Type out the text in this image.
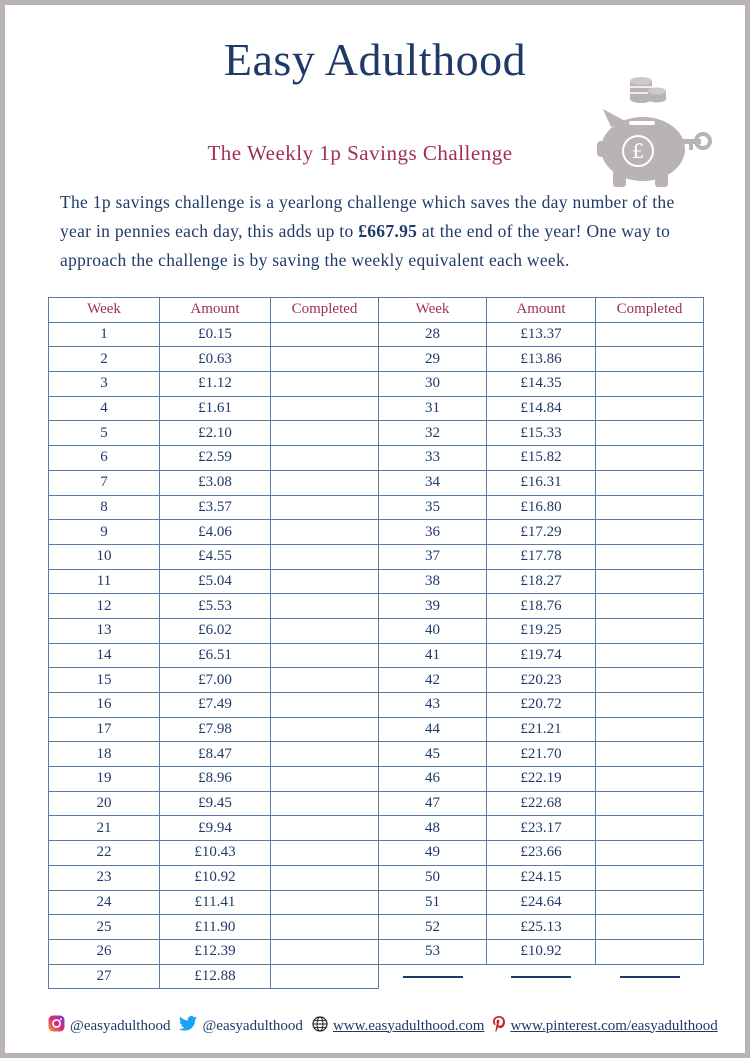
Easy Adulthood
£
The Weekly 1p Savings Challenge
The 1p savings challenge is a yearlong challenge which saves the day number of the year in pennies each day, this adds up to £667.95 at the end of the year! One way to approach the challenge is by saving the weekly equivalent each week.
Week	Amount	Completed	Week	Amount	Completed
1	£0.15		28	£13.37	
2	£0.63		29	£13.86	
3	£1.12		30	£14.35	
4	£1.61		31	£14.84	
5	£2.10		32	£15.33	
6	£2.59		33	£15.82	
7	£3.08		34	£16.31	
8	£3.57		35	£16.80	
9	£4.06		36	£17.29	
10	£4.55		37	£17.78	
11	£5.04		38	£18.27	
12	£5.53		39	£18.76	
13	£6.02		40	£19.25	
14	£6.51		41	£19.74	
15	£7.00		42	£20.23	
16	£7.49		43	£20.72	
17	£7.98		44	£21.21	
18	£8.47		45	£21.70	
19	£8.96		46	£22.19	
20	£9.45		47	£22.68	
21	£9.94		48	£23.17	
22	£10.43		49	£23.66	
23	£10.92		50	£24.15	
24	£11.41		51	£24.64	
25	£11.90		52	£25.13	
26	£12.39		53	£10.92	
27	£12.88				
@easyadulthood @easyadulthood www.easyadulthood.com www.pinterest.com/easyadulthood
